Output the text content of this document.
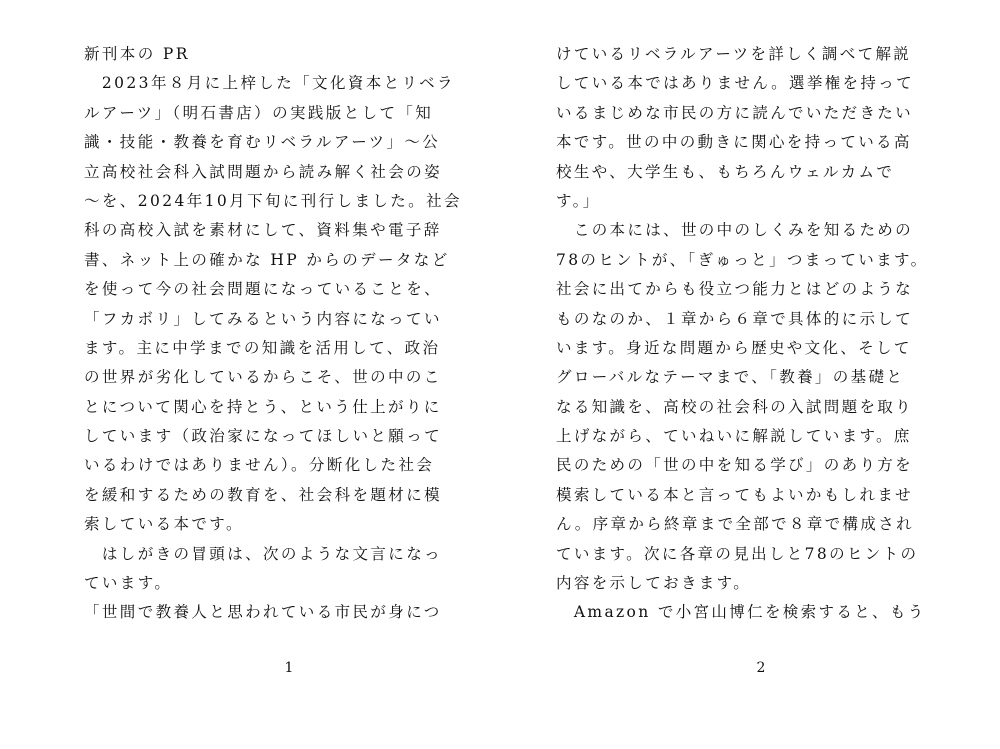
新刊本の PR
　2023年８月に上梓した「文化資本とリベラ
ルアーツ」（明石書店）の実践版として「知
識・技能・教養を育むリベラルアーツ」～公
立高校社会科入試問題から読み解く社会の姿
～を、2024年10月下旬に刊行しました。社会
科の高校入試を素材にして、資料集や電子辞
書、ネット上の確かな HP からのデータなど
を使って今の社会問題になっていることを、
「フカボリ」してみるという内容になってい
ます。主に中学までの知識を活用して、政治
の世界が劣化しているからこそ、世の中のこ
とについて関心を持とう、という仕上がりに
しています（政治家になってほしいと願って
いるわけではありません）。分断化した社会
を緩和するための教育を、社会科を題材に模
索している本です。
　はしがきの冒頭は、次のような文言になっ
ています。
「世間で教養人と思われている市民が身につ
1
けているリベラルアーツを詳しく調べて解説
している本ではありません。選挙権を持って
いるまじめな市民の方に読んでいただきたい
本です。世の中の動きに関心を持っている高
校生や、大学生も、もちろんウェルカムで
す。」
　この本には、世の中のしくみを知るための
78のヒントが、「ぎゅっと」つまっています。
社会に出てからも役立つ能力とはどのような
ものなのか、１章から６章で具体的に示して
います。身近な問題から歴史や文化、そして
グローバルなテーマまで、「教養」の基礎と
なる知識を、高校の社会科の入試問題を取り
上げながら、ていねいに解説しています。庶
民のための「世の中を知る学び」のあり方を
模索している本と言ってもよいかもしれませ
ん。序章から終章まで全部で８章で構成され
ています。次に各章の見出しと78のヒントの
内容を示しておきます。
　Amazon で小宮山博仁を検索すると、もう
2
